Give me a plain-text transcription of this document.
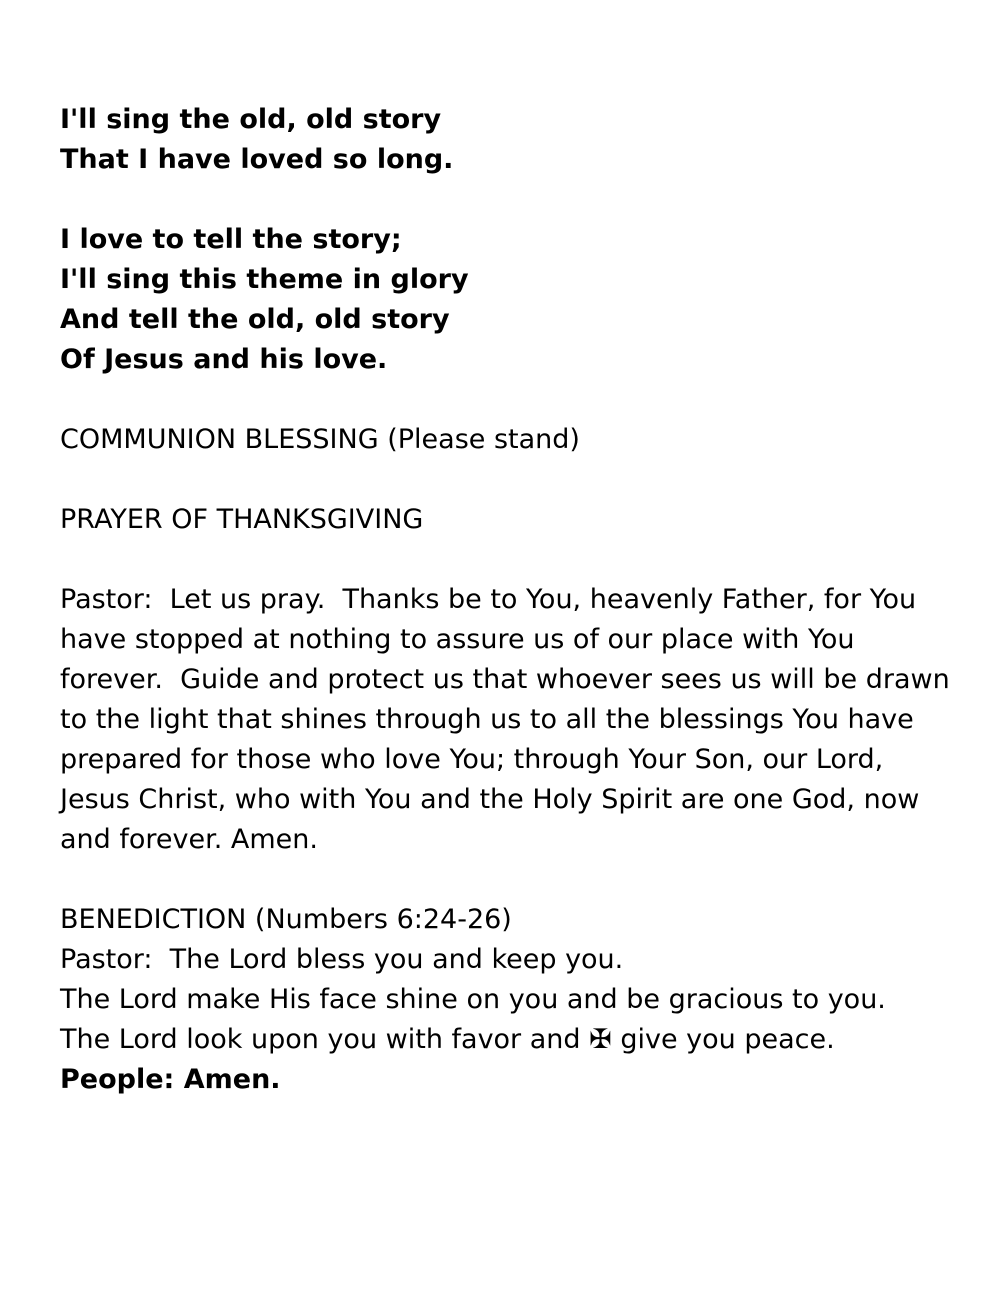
I'll sing the old, old story
That I have loved so long.
I love to tell the story;
I'll sing this theme in glory
And tell the old, old story
Of Jesus and his love.
COMMUNION BLESSING (Please stand)
PRAYER OF THANKSGIVING
Pastor:  Let us pray.  Thanks be to You, heavenly Father, for You
have stopped at nothing to assure us of our place with You
forever.  Guide and protect us that whoever sees us will be drawn
to the light that shines through us to all the blessings You have
prepared for those who love You; through Your Son, our Lord,
Jesus Christ, who with You and the Holy Spirit are one God, now
and forever. Amen.
BENEDICTION (Numbers 6:24-26)
Pastor:  The Lord bless you and keep you.
The Lord make His face shine on you and be gracious to you.
The Lord look upon you with favor and ✠ give you peace.
People: Amen.
